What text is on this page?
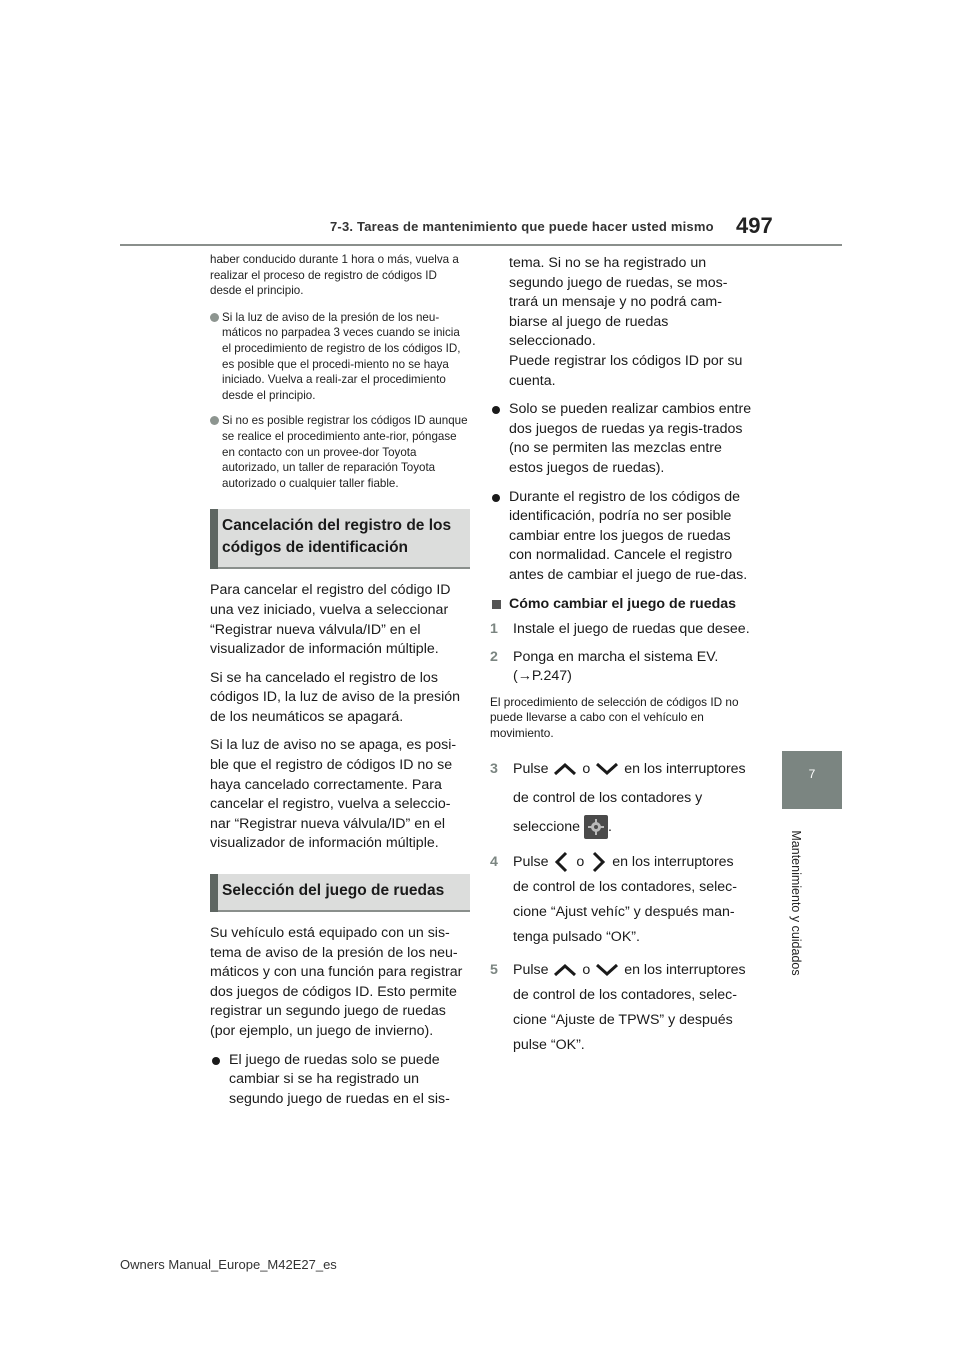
7-3. Tareas de mantenimiento que puede hacer usted mismo 497
7
Mantenimiento y cuidados

haber conducido durante 1 hora o más, vuelva a realizar el proceso de registro de códigos ID desde el principio.

Si la luz de aviso de la presión de los neu-máticos no parpadea 3 veces cuando se inicia el procedimiento de registro de los códigos ID, es posible que el procedi-miento no se haya iniciado. Vuelva a reali-zar el procedimiento desde el principio.
Si no es posible registrar los códigos ID aunque se realice el procedimiento ante-rior, póngase en contacto con un provee-dor Toyota autorizado, un taller de reparación Toyota autorizado o cualquier taller fiable.
Cancelación del registro de los códigos de identificación

Para cancelar el registro del código ID una vez iniciado, vuelva a seleccionar “Registrar nueva válvula/ID” en el visualizador de información múltiple.

Si se ha cancelado el registro de los códigos ID, la luz de aviso de la presión de los neumáticos se apagará.

Si la luz de aviso no se apaga, es posi-ble que el registro de códigos ID no se haya cancelado correctamente. Para cancelar el registro, vuelva a seleccio-nar “Registrar nueva válvula/ID” en el visualizador de información múltiple.

Selección del juego de ruedas

Su vehículo está equipado con un sis-tema de aviso de la presión de los neu-máticos y con una función para registrar dos juegos de códigos ID. Esto permite registrar un segundo juego de ruedas (por ejemplo, un juego de invierno).

El juego de ruedas solo se puede cambiar si se ha registrado un segundo juego de ruedas en el sis-
tema. Si no se ha registrado un segundo juego de ruedas, se mos-trará un mensaje y no podrá cam-biarse al juego de ruedas seleccionado.
Puede registrar los códigos ID por su cuenta.
Solo se pueden realizar cambios entre dos juegos de ruedas ya regis-trados (no se permiten las mezclas entre estos juegos de ruedas).
Durante el registro de los códigos de identificación, podría no ser posible cambiar entre los juegos de ruedas con normalidad. Cancele el registro antes de cambiar el juego de rue-das.
Cómo cambiar el juego de ruedas
1 Instale el juego de ruedas que desee.
2 Ponga en marcha el sistema EV.
(→P.247)
El procedimiento de selección de códigos ID no puede llevarse a cabo con el vehículo en movimiento.
3 Pulse o en los interruptores
de control de los contadores y
seleccione .
4 Pulse o en los interruptores
de control de los contadores, selec-
cione “Ajust vehíc” y después man-
tenga pulsado “OK”.
5 Pulse o en los interruptores
de control de los contadores, selec-
cione “Ajuste de TPWS” y después
pulse “OK”.
Owners Manual_Europe_M42E27_es
